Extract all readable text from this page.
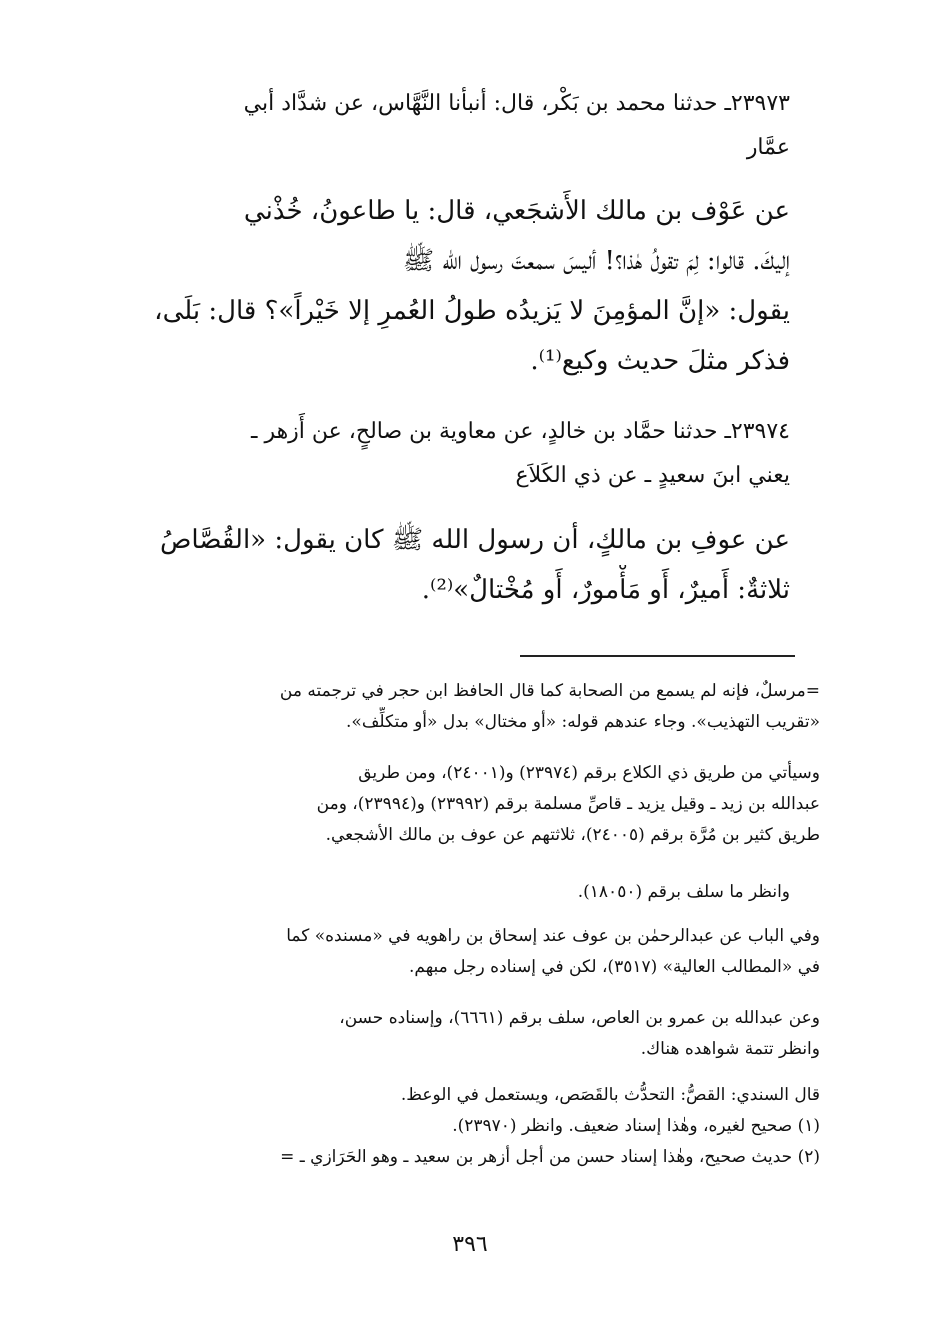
٢٣٩٧٣ـ حدثنا محمد بن بَكْر، قال: أنبأنا النَّهَّاس، عن شدَّاد أبي
عمَّار
عن عَوْف بن مالك الأَشجَعي، قال: يا طاعونُ، خُذْني
إليكَ. قالوا: لِمَ تقولُ هٰذا؟! أليسَ سمعتَ رسول الله ﷺ
يقول: «إنَّ المؤمِنَ لا يَزيدُه طولُ العُمرِ إلا خَيْراً»؟ قال: بَلَى،
فذكر مثلَ حديث وكيع⁽¹⁾.
٢٣٩٧٤ـ حدثنا حمَّاد بن خالدٍ، عن معاوية بن صالحٍ، عن أَزهر ـ
يعني ابنَ سعيدٍ ـ عن ذي الكَلاَع
عن عوفِ بن مالكٍ، أن رسول الله ﷺ كان يقول: «القُصَّاصُ
ثلاثةٌ: أَميرٌ، أَو مَأْمورٌ، أَو مُخْتالٌ»⁽²⁾.
=مرسلٌ، فإنه لم يسمع من الصحابة كما قال الحافظ ابن حجر في ترجمته من
«تقريب التهذيب». وجاء عندهم قوله: «أو مختال» بدل «أو متكلِّف».
وسيأتي من طريق ذي الكلاع برقم (٢٣٩٧٤) و(٢٤٠٠١)، ومن طريق
عبدالله بن زيد ـ وقيل يزيد ـ قاصِّ مسلمة برقم (٢٣٩٩٢) و(٢٣٩٩٤)، ومن
طريق كثير بن مُرَّة برقم (٢٤٠٠٥)، ثلاثتهم عن عوف بن مالك الأشجعي.
وانظر ما سلف برقم (١٨٠٥٠).
وفي الباب عن عبدالرحمٰن بن عوف عند إسحاق بن راهويه في «مسنده» كما
في «المطالب العالية» (٣٥١٧)، لكن في إسناده رجل مبهم.
وعن عبدالله بن عمرو بن العاص، سلف برقم (٦٦٦١)، وإسناده حسن،
وانظر تتمة شواهده هناك.
قال السندي: القصُّ: التحدُّث بالقَصَص، ويستعمل في الوعظ.
(١) صحيح لغيره، وهٰذا إسناد ضعيف. وانظر (٢٣٩٧٠).
(٢) حديث صحيح، وهٰذا إسناد حسن من أجل أزهر بن سعيد ـ وهو الحَرَازي ـ =
٣٩٦
